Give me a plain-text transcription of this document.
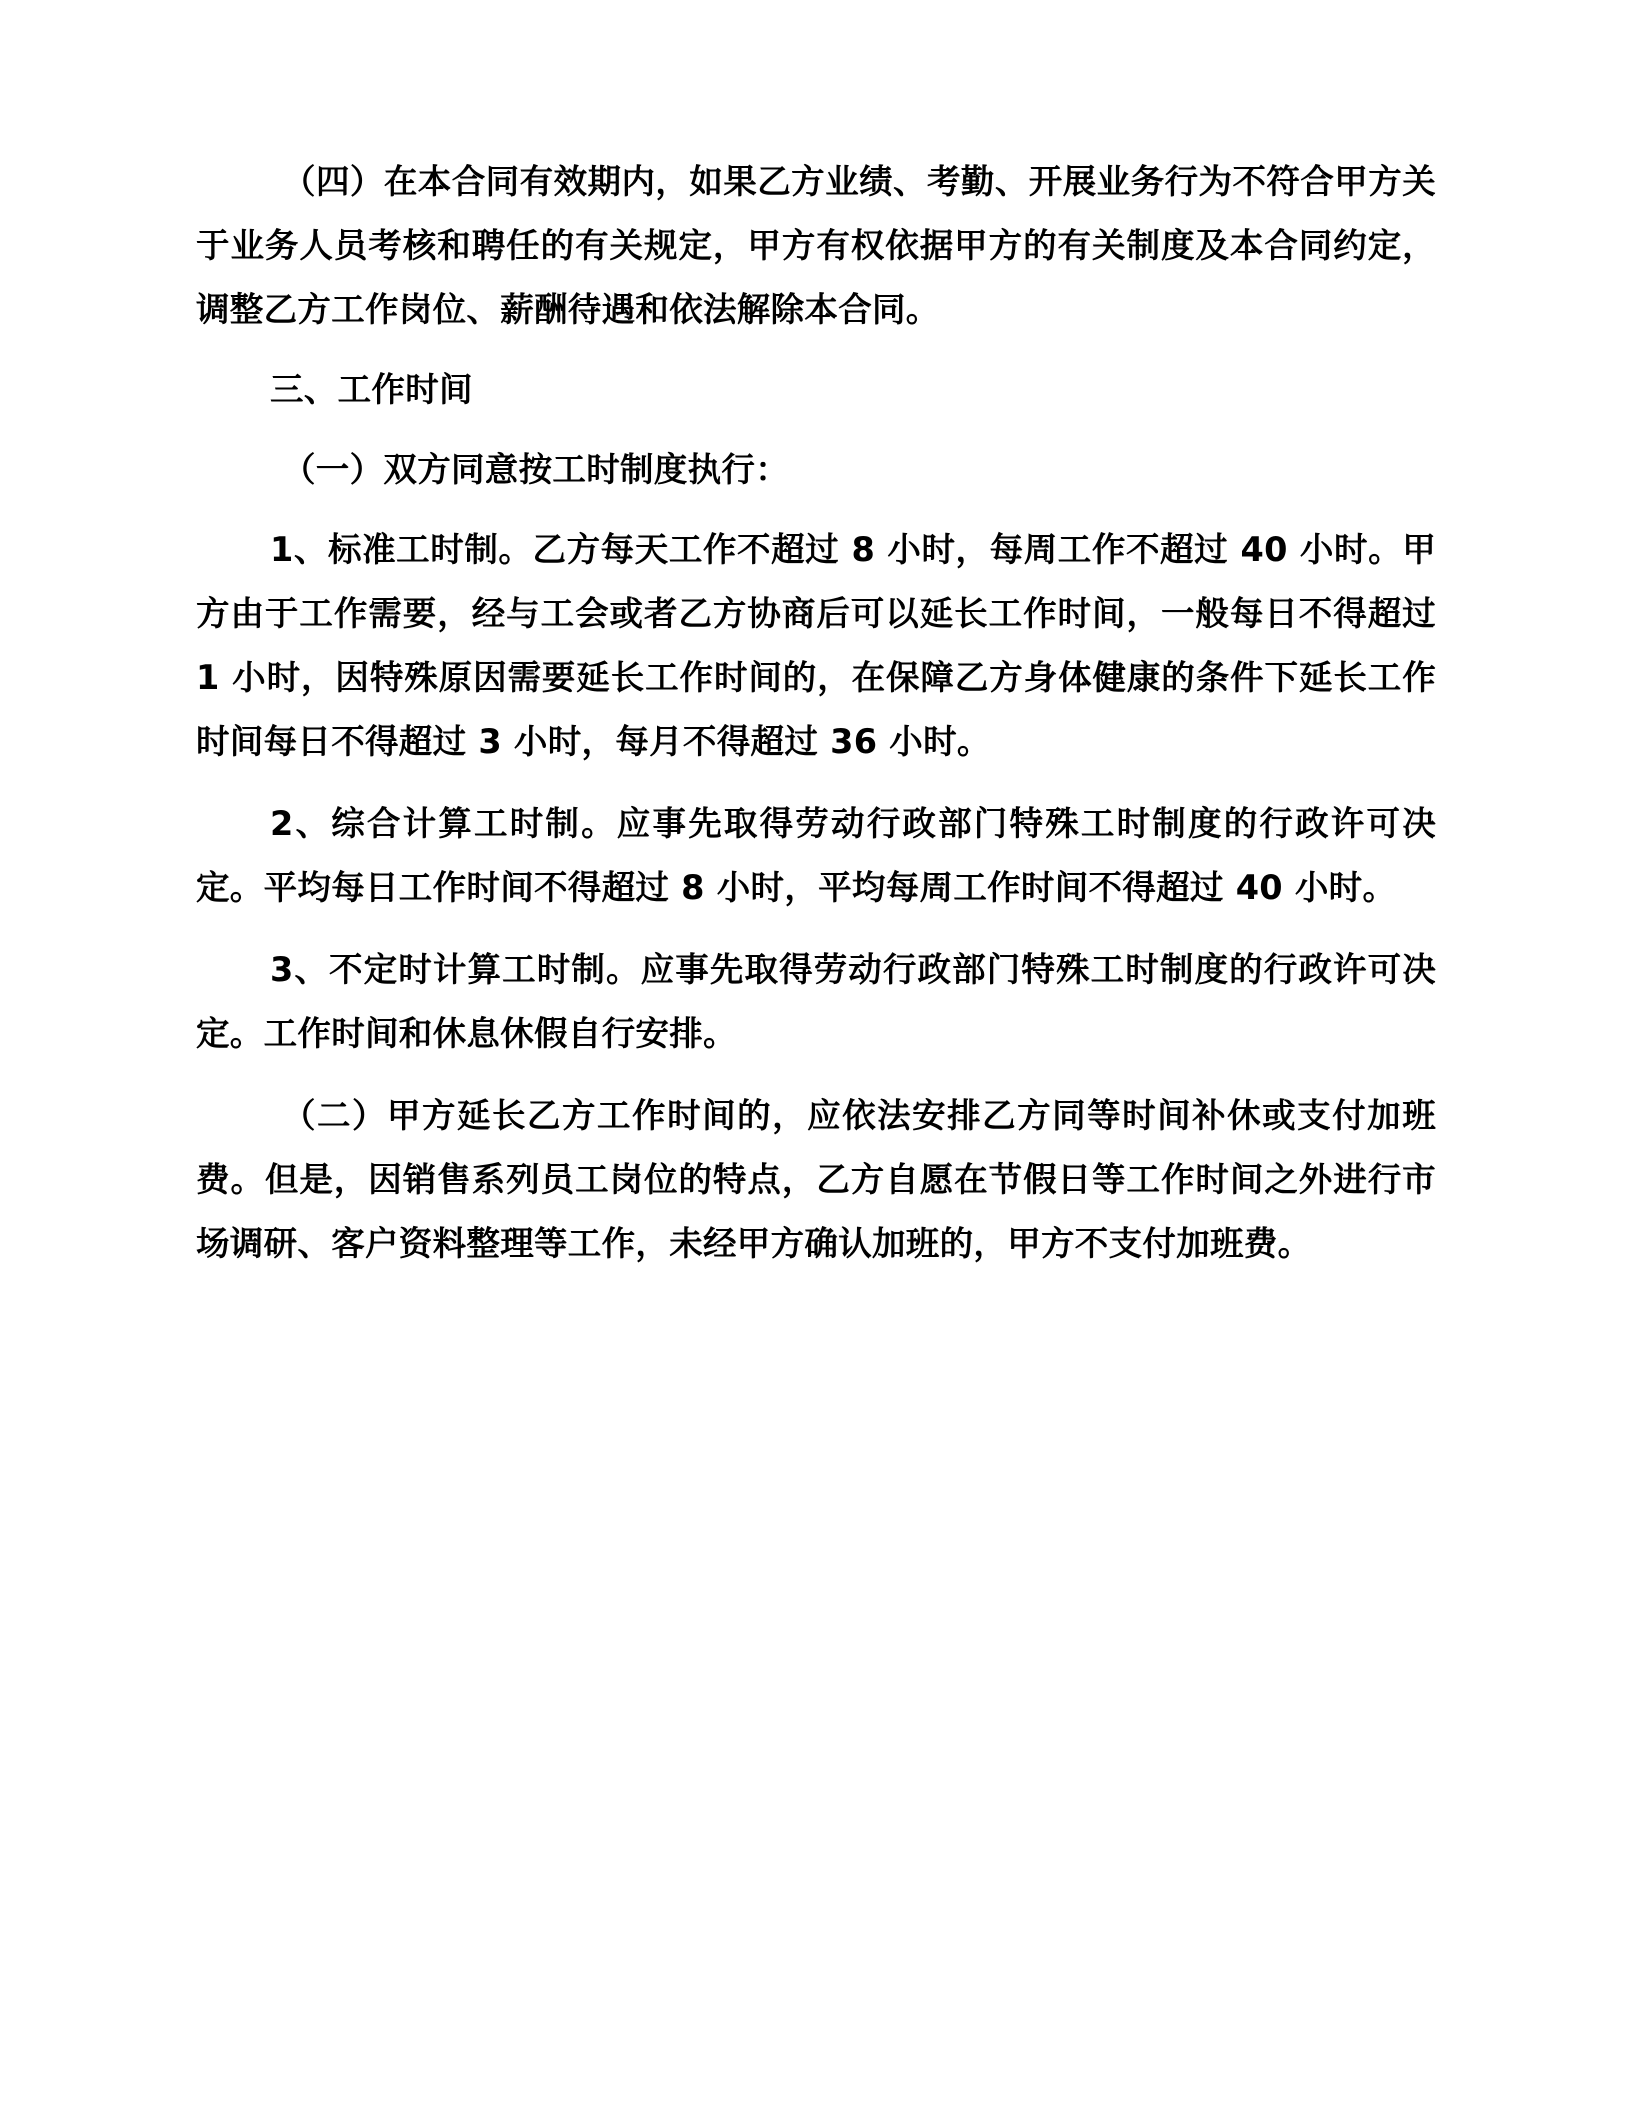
（四）在本合同有效期内，如果乙方业绩、考勤、开展业务行为不符合甲方关于业务人员考核和聘任的有关规定，甲方有权依据甲方的有关制度及本合同约定，调整乙方工作岗位、薪酬待遇和依法解除本合同。

三、工作时间

（一）双方同意按工时制度执行：

1、标准工时制。乙方每天工作不超过 8 小时，每周工作不超过 40 小时。甲方由于工作需要，经与工会或者乙方协商后可以延长工作时间，一般每日不得超过 1 小时，因特殊原因需要延长工作时间的，在保障乙方身体健康的条件下延长工作时间每日不得超过 3 小时，每月不得超过 36 小时。

2、综合计算工时制。应事先取得劳动行政部门特殊工时制度的行政许可决定。平均每日工作时间不得超过 8 小时，平均每周工作时间不得超过 40 小时。

3、不定时计算工时制。应事先取得劳动行政部门特殊工时制度的行政许可决定。工作时间和休息休假自行安排。

（二）甲方延长乙方工作时间的，应依法安排乙方同等时间补休或支付加班费。但是，因销售系列员工岗位的特点，乙方自愿在节假日等工作时间之外进行市场调研、客户资料整理等工作，未经甲方确认加班的，甲方不支付加班费。
